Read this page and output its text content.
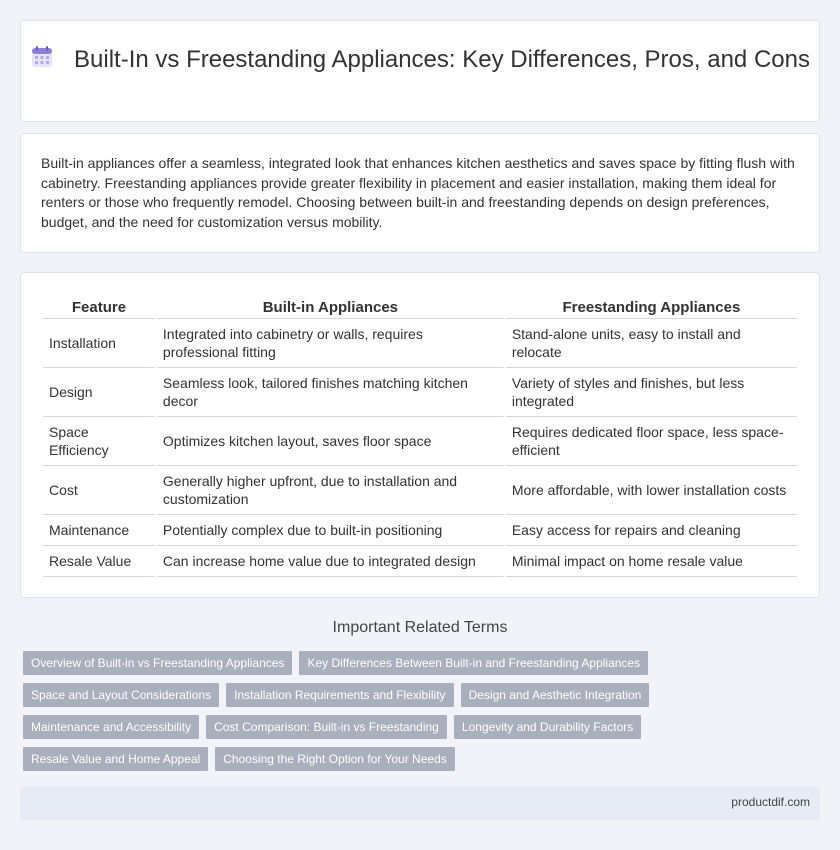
Built-In vs Freestanding Appliances: Key Differences, Pros, and Cons

Built-in appliances offer a seamless, integrated look that enhances kitchen aesthetics and saves space by fitting flush with cabinetry. Freestanding appliances provide greater flexibility in placement and easier installation, making them ideal for renters or those who frequently remodel. Choosing between built-in and freestanding depends on design preferences, budget, and the need for customization versus mobility.

Feature	Built-in Appliances	Freestanding Appliances
Installation	Integrated into cabinetry or walls, requires professional fitting	Stand-alone units, easy to install and relocate
Design	Seamless look, tailored finishes matching kitchen decor	Variety of styles and finishes, but less integrated
Space Efficiency	Optimizes kitchen layout, saves floor space	Requires dedicated floor space, less space-efficient
Cost	Generally higher upfront, due to installation and customization	More affordable, with lower installation costs
Maintenance	Potentially complex due to built-in positioning	Easy access for repairs and cleaning
Resale Value	Can increase home value due to integrated design	Minimal impact on home resale value
Important Related Terms
Overview of Built-in vs Freestanding Appliances	Key Differences Between Built-in and Freestanding Appliances
Space and Layout Considerations	Installation Requirements and Flexibility	Design and Aesthetic Integration
Maintenance and Accessibility	Cost Comparison: Built-in vs Freestanding	Longevity and Durability Factors
Resale Value and Home Appeal	Choosing the Right Option for Your Needs
productdif.com
